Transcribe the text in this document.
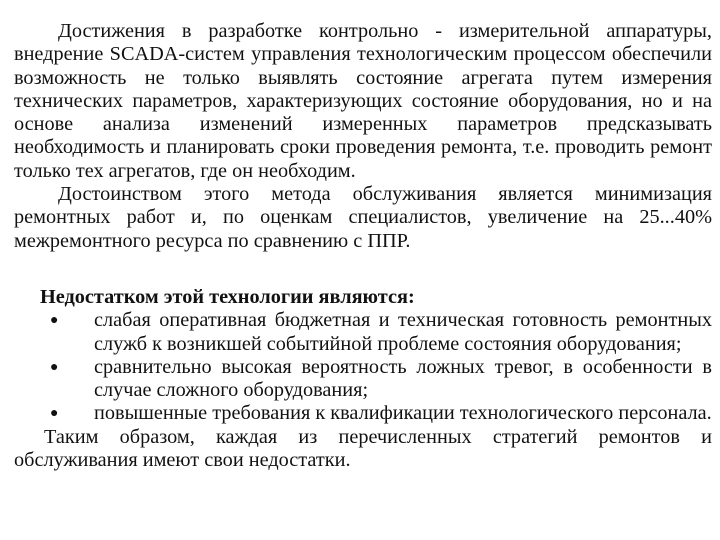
Достижения в разработке контрольно - измерительной аппаратуры, внедрение SCADA-систем управления технологическим процессом обеспечили возможность не только выявлять состояние агрегата путем измерения технических параметров, характеризующих состояние оборудования, но и на основе анализа изменений измеренных параметров предсказывать необходимость и планировать сроки проведения ремонта, т.е. проводить ремонт только тех агрегатов, где он необходим.

Достоинством этого метода обслуживания является минимизация ремонтных работ и, по оценкам специалистов, увеличение на 25...40% межремонтного ресурса по сравнению с ППР.

Недостатком этой технологии являются:

● слабая оперативная бюджетная и техническая готовность ремонтных служб к возникшей событийной проблеме состояния оборудования;
● сравнительно высокая вероятность ложных тревог, в особенности в случае сложного оборудования;
● повышенные требования к квалификации технологического персонала.

Таким образом, каждая из перечисленных стратегий ремонтов и обслуживания имеют свои недостатки.
